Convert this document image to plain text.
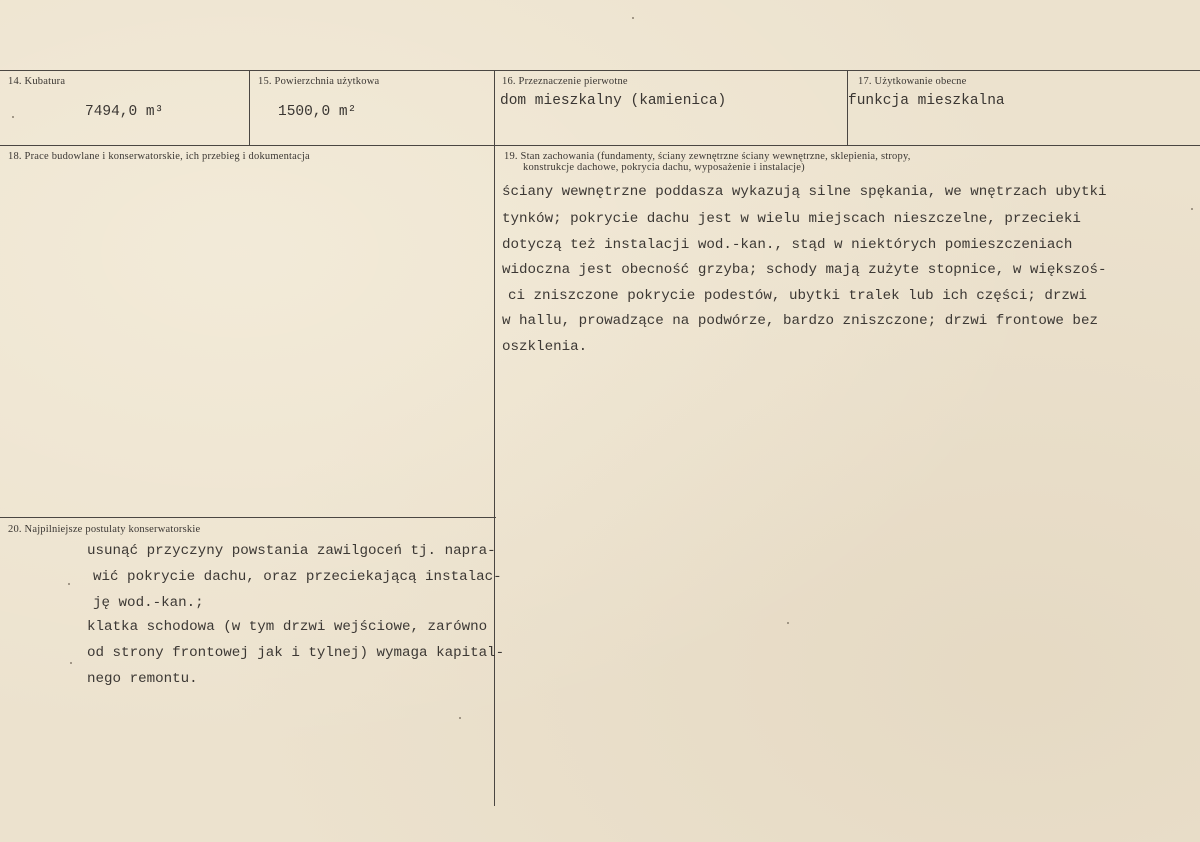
14. Kubatura
7494,0 m³
15. Powierzchnia użytkowa
1500,0 m²
16. Przeznaczenie pierwotne
dom mieszkalny (kamienica)
17. Użytkowanie obecne
funkcja mieszkalna
18. Prace budowlane i konserwatorskie, ich przebieg i dokumentacja	19. Stan zachowania (fundamenty, ściany zewnętrzne ściany wewnętrzne, sklepienia, stropy,
konstrukcje dachowe, pokrycia dachu, wyposażenie i instalacje)
ściany wewnętrzne poddasza wykazują silne spękania, we wnętrzach ubytki
tynków; pokrycie dachu jest w wielu miejscach nieszczelne, przecieki
dotyczą też instalacji wod.-kan., stąd w niektórych pomieszczeniach
widoczna jest obecność grzyba; schody mają zużyte stopnice, w większoś-
ci zniszczone pokrycie podestów, ubytki tralek lub ich części; drzwi
w hallu, prowadzące na podwórze, bardzo zniszczone; drzwi frontowe bez
oszklenia.
20. Najpilniejsze postulaty konserwatorskie
usunąć przyczyny powstania zawilgoceń tj. napra-
wić pokrycie dachu, oraz przeciekającą instalac-
ję wod.-kan.;
klatka schodowa (w tym drzwi wejściowe, zarówno
od strony frontowej jak i tylnej) wymaga kapital-
nego remontu.
